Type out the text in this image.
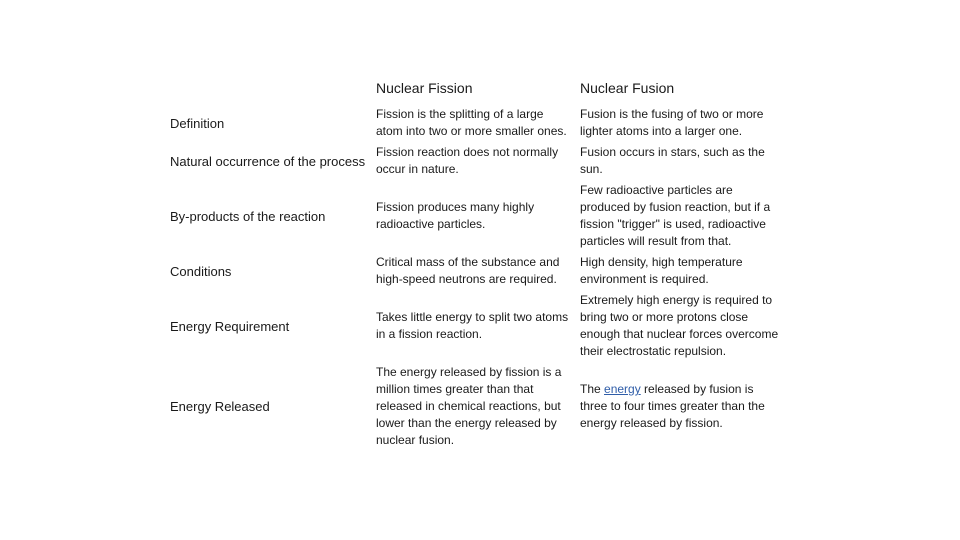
	Nuclear Fission	Nuclear Fusion
Definition	Fission is the splitting of a large atom into two or more smaller ones.	Fusion is the fusing of two or more lighter atoms into a larger one.
Natural occurrence of the process	Fission reaction does not normally occur in nature.	Fusion occurs in stars, such as the sun.
By-products of the reaction	Fission produces many highly radioactive particles.	Few radioactive particles are produced by fusion reaction, but if a fission "trigger" is used, radioactive particles will result from that.
Conditions	Critical mass of the substance and high-speed neutrons are required.	High density, high temperature environment is required.
Energy Requirement	Takes little energy to split two atoms in a fission reaction.	Extremely high energy is required to bring two or more protons close enough that nuclear forces overcome their electrostatic repulsion.
Energy Released	The energy released by fission is a million times greater than that released in chemical reactions, but lower than the energy released by nuclear fusion.	The energy released by fusion is three to four times greater than the energy released by fission.
